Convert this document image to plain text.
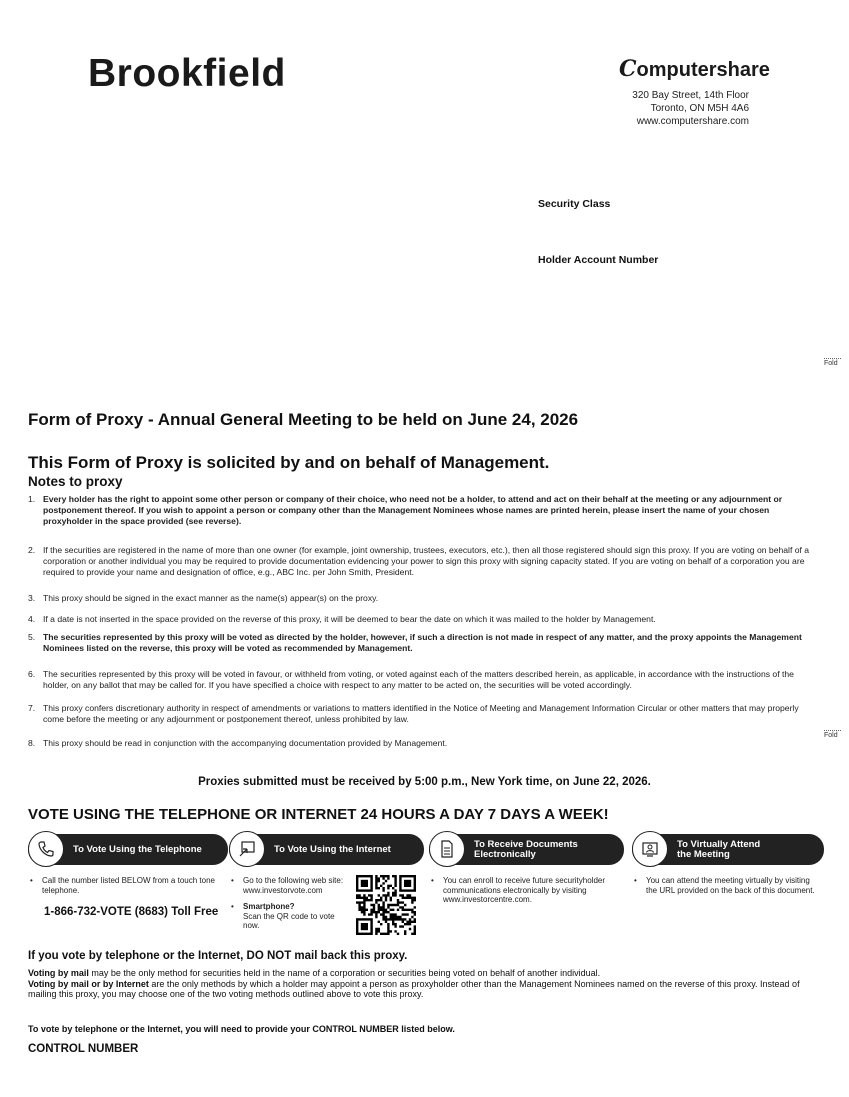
Brookfield	Computershare
320 Bay Street, 14th Floor
Toronto, ON M5H 4A6
www.computershare.com
Security Class
Holder Account Number
Fold
Fold
Form of Proxy - Annual General Meeting to be held on June 24, 2026
This Form of Proxy is solicited by and on behalf of Management.
Notes to proxy
1. Every holder has the right to appoint some other person or company of their choice, who need not be a holder, to attend and act on their behalf at the meeting or any adjournment or postponement thereof. If you wish to appoint a person or company other than the Management Nominees whose names are printed herein, please insert the name of your chosen proxyholder in the space provided (see reverse).
2. If the securities are registered in the name of more than one owner (for example, joint ownership, trustees, executors, etc.), then all those registered should sign this proxy. If you are voting on behalf of a corporation or another individual you may be required to provide documentation evidencing your power to sign this proxy with signing capacity stated. If you are voting on behalf of a corporation you are required to provide your name and designation of office, e.g., ABC Inc. per John Smith, President.
3. This proxy should be signed in the exact manner as the name(s) appear(s) on the proxy.
4. If a date is not inserted in the space provided on the reverse of this proxy, it will be deemed to bear the date on which it was mailed to the holder by Management.
5. The securities represented by this proxy will be voted as directed by the holder, however, if such a direction is not made in respect of any matter, and the proxy appoints the Management Nominees listed on the reverse, this proxy will be voted as recommended by Management.
6. The securities represented by this proxy will be voted in favour, or withheld from voting, or voted against each of the matters described herein, as applicable, in accordance with the instructions of the holder, on any ballot that may be called for. If you have specified a choice with respect to any matter to be acted on, the securities will be voted accordingly.
7. This proxy confers discretionary authority in respect of amendments or variations to matters identified in the Notice of Meeting and Management Information Circular or other matters that may properly come before the meeting or any adjournment or postponement thereof, unless prohibited by law.
8. This proxy should be read in conjunction with the accompanying documentation provided by Management.
Proxies submitted must be received by 5:00 p.m., New York time, on June 22, 2026.
VOTE USING THE TELEPHONE OR INTERNET 24 HOURS A DAY 7 DAYS A WEEK!
To Vote Using the Telephone	To Vote Using the Internet	To Receive Documents
Electronically
To Virtually Attend
the Meeting
•	Call the number listed BELOW from a touch tone telephone.
1-866-732-VOTE (8683) Toll Free
•	Go to the following web site: www.investorvote.com
•	Smartphone?
Scan the QR code to vote now.
•	You can enroll to receive future securityholder communications electronically by visiting www.investorcentre.com.
•	You can attend the meeting virtually by visiting the URL provided on the back of this document.
If you vote by telephone or the Internet, DO NOT mail back this proxy.
Voting by mail may be the only method for securities held in the name of a corporation or securities being voted on behalf of another individual.
Voting by mail or by Internet are the only methods by which a holder may appoint a person as proxyholder other than the Management Nominees named on the reverse of this proxy. Instead of mailing this proxy, you may choose one of the two voting methods outlined above to vote this proxy.
To vote by telephone or the Internet, you will need to provide your CONTROL NUMBER listed below.
CONTROL NUMBER
